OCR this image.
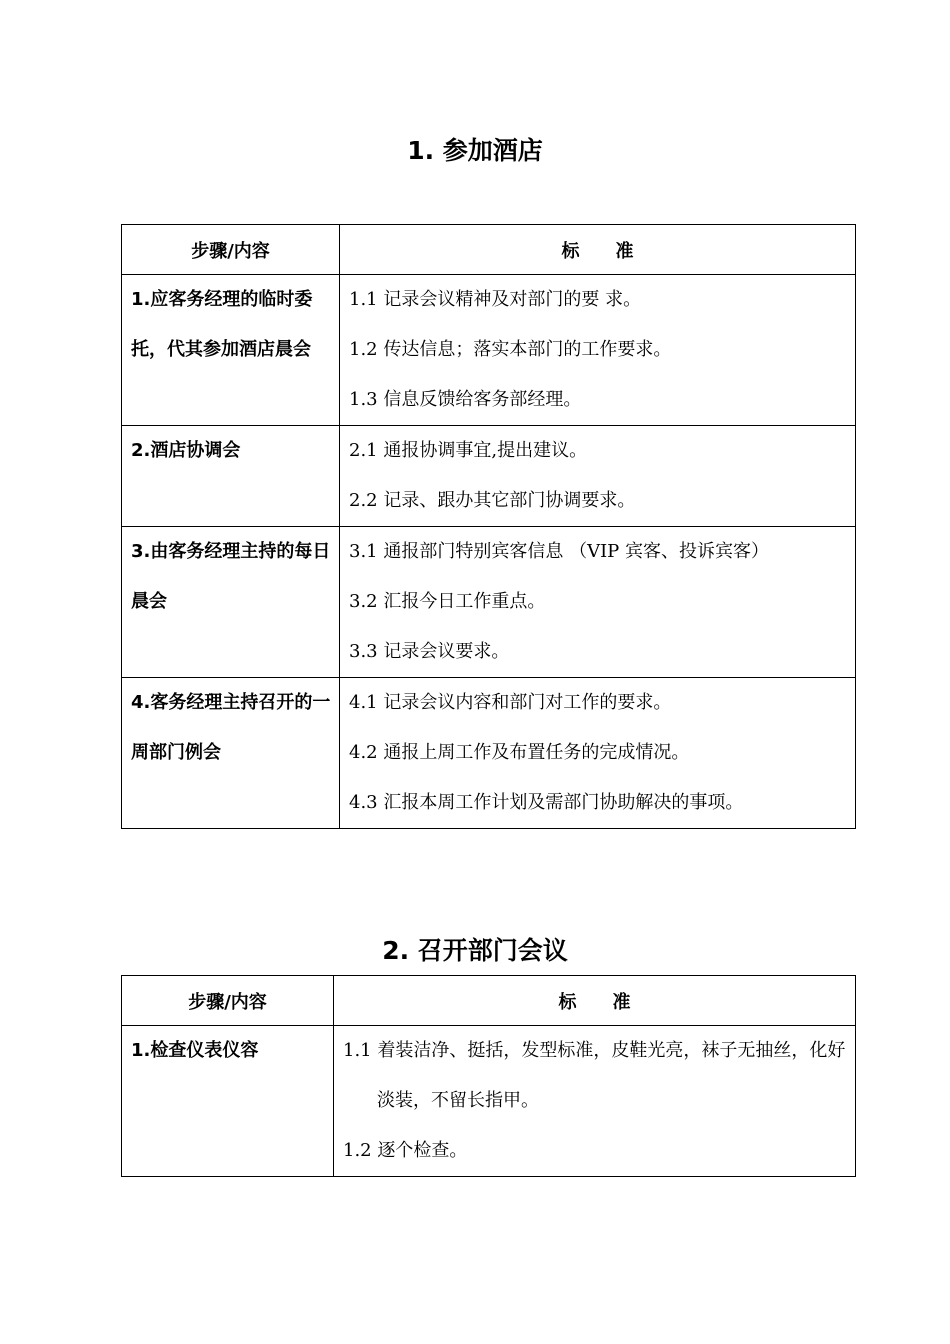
1. 参加酒店
步骤/内容	标　　准
1.应客务经理的临时委托，代其参加酒店晨会	1.1 记录会议精神及对部门的要 求。

1.2 传达信息；落实本部门的工作要求。

1.3 信息反馈给客务部经理。

2.酒店协调会	2.1 通报协调事宜,提出建议。

2.2 记录、跟办其它部门协调要求。

3.由客务经理主持的每日晨会	3.1 通报部门特别宾客信息 （VIP 宾客、投诉宾客）

3.2 汇报今日工作重点。

3.3 记录会议要求。

4.客务经理主持召开的一周部门例会	4.1 记录会议内容和部门对工作的要求。

4.2 通报上周工作及布置任务的完成情况。

4.3 汇报本周工作计划及需部门协助解决的事项。

2. 召开部门会议
步骤/内容	标　　准
1.检查仪表仪容	1.1 着装洁净、挺括，发型标准，皮鞋光亮，袜子无抽丝，化好淡装，不留长指甲。

1.2 逐个检查。
